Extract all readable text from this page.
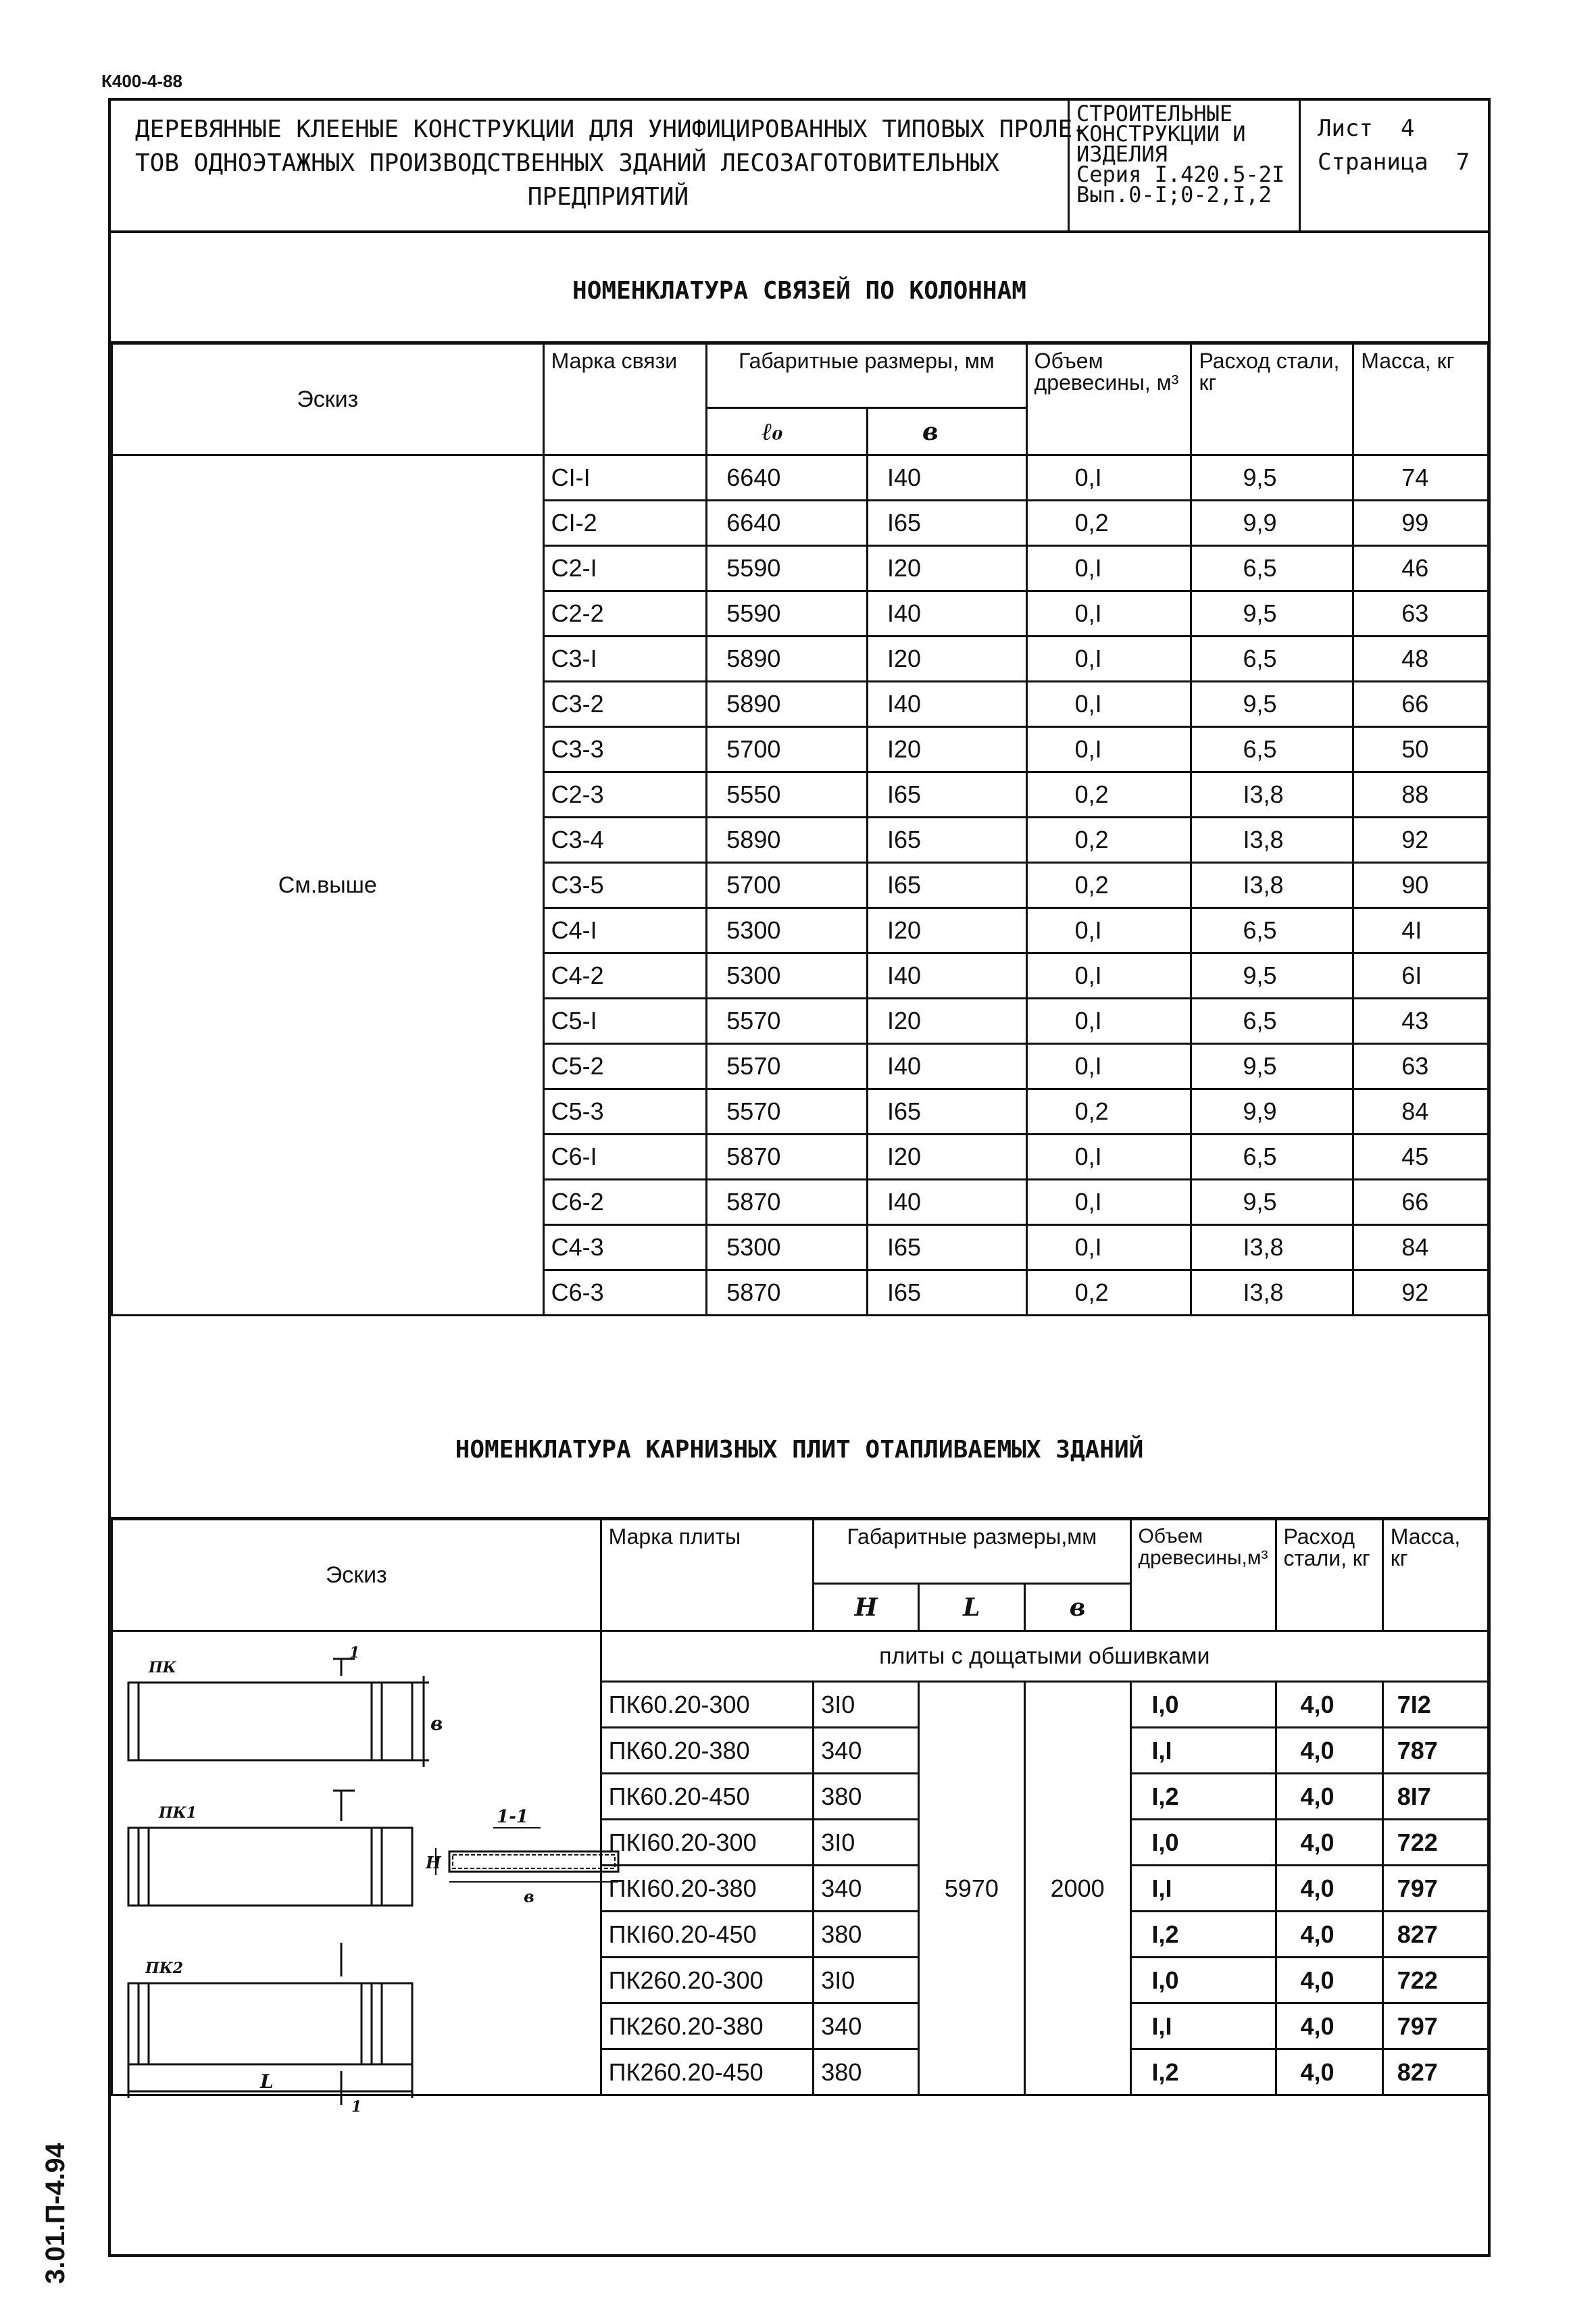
К400-4-88
3.01.П-4.94
ДЕРЕВЯННЫЕ КЛЕЕНЫЕ КОНСТРУКЦИИ ДЛЯ УНИФИЦИРОВАННЫХ ТИПОВЫХ ПРОЛЕ-
ТОВ ОДНОЭТАЖНЫХ ПРОИЗВОДСТВЕННЫХ ЗДАНИЙ ЛЕСОЗАГОТОВИТЕЛЬНЫХ
ПРЕДПРИЯТИЙ
СТРОИТЕЛЬНЫЕ
КОНСТРУКЦИИ И
ИЗДЕЛИЯ
Серия I.420.5-2I
Вып.0-I;0-2,I,2
Лист  4
Страница  7
НОМЕНКЛАТУРА СВЯЗЕЙ ПО КОЛОННАМ
Эскиз	Марка связи	Габаритные размеры, мм		Объем древесины, м³	Расход стали, кг	Масса, кг
		ℓ₀	в			
См.выше	CI-I	6640	I40	0,I	9,5	74
	CI-2	6640	I65	0,2	9,9	99
	C2-I	5590	I20	0,I	6,5	46
	C2-2	5590	I40	0,I	9,5	63
	C3-I	5890	I20	0,I	6,5	48
	C3-2	5890	I40	0,I	9,5	66
	C3-3	5700	I20	0,I	6,5	50
	C2-3	5550	I65	0,2	I3,8	88
	C3-4	5890	I65	0,2	I3,8	92
	C3-5	5700	I65	0,2	I3,8	90
	C4-I	5300	I20	0,I	6,5	4I
	C4-2	5300	I40	0,I	9,5	6I
	C5-I	5570	I20	0,I	6,5	43
	C5-2	5570	I40	0,I	9,5	63
	C5-3	5570	I65	0,2	9,9	84
	C6-I	5870	I20	0,I	6,5	45
	C6-2	5870	I40	0,I	9,5	66
	C4-3	5300	I65	0,I	I3,8	84
	C6-3	5870	I65	0,2	I3,8	92
НОМЕНКЛАТУРА КАРНИЗНЫХ ПЛИТ ОТАПЛИВАЕМЫХ ЗДАНИЙ
Эскиз	Марка плиты	Габаритные размеры,мм			Объем древесины,м³	Расход стали, кг	Масса, кг
		H	L	в			
	плиты с дощатыми обшивками						
	ПК60.20-300	3I0	5970	2000	I,0	4,0	7I2
	ПК60.20-380	340			I,I	4,0	787
	ПК60.20-450	380			I,2	4,0	8I7
	ПКI60.20-300	3I0			I,0	4,0	722
	ПКI60.20-380	340			I,I	4,0	797
	ПКI60.20-450	380			I,2	4,0	827
	ПК260.20-300	3I0			I,0	4,0	722
	ПК260.20-380	340			I,I	4,0	797
	ПК260.20-450	380			I,2	4,0	827
ПК
ПК1
ПК2
1-1
1
в
H
в
L
1
